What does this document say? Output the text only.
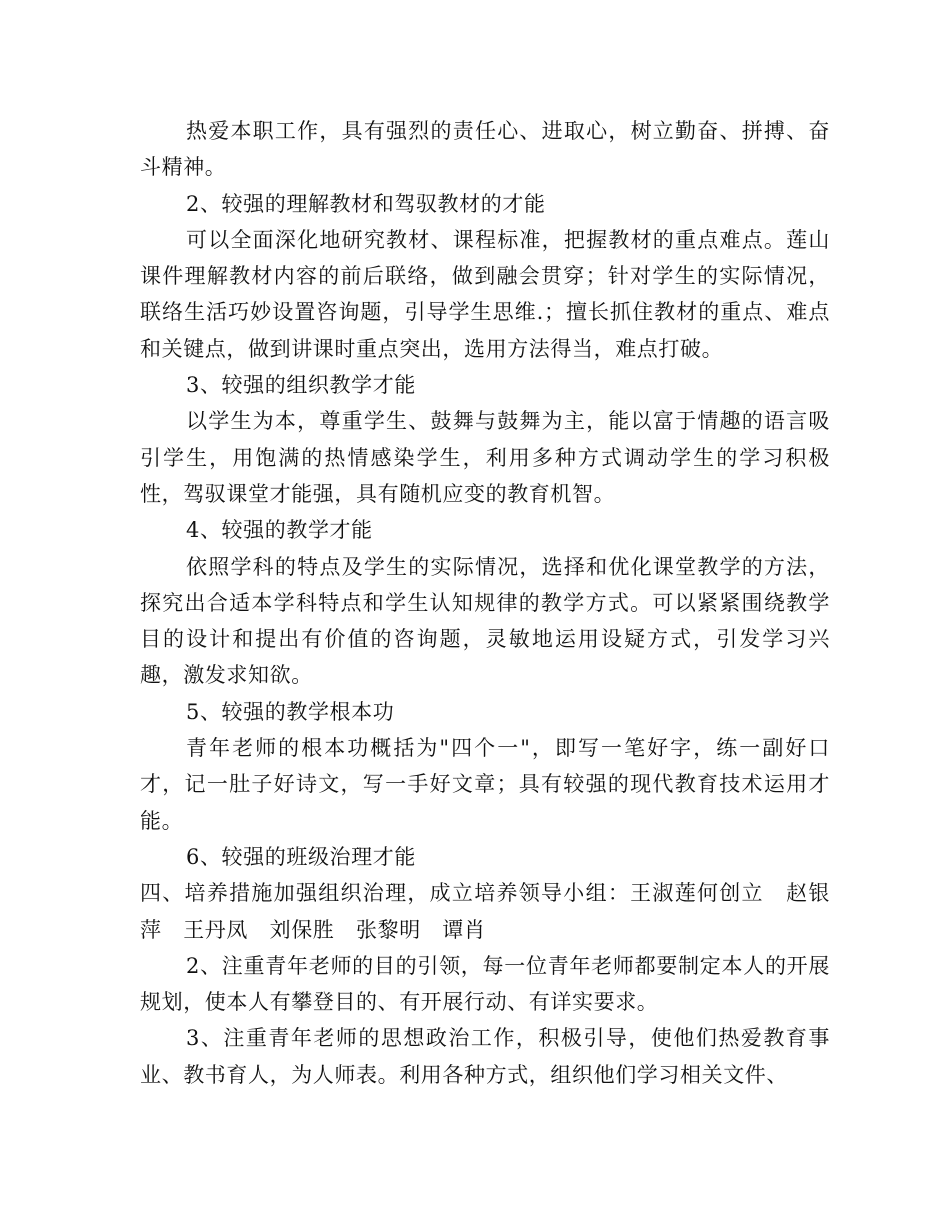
热爱本职工作，具有强烈的责任心、进取心，树立勤奋、拼搏、奋斗精神。

2、较强的理解教材和驾驭教材的才能

可以全面深化地研究教材、课程标准，把握教材的重点难点。莲山课件理解教材内容的前后联络，做到融会贯穿；针对学生的实际情况，联络生活巧妙设置咨询题，引导学生思维.；擅长抓住教材的重点、难点和关键点，做到讲课时重点突出，选用方法得当，难点打破。

3、较强的组织教学才能

以学生为本，尊重学生、鼓舞与鼓舞为主，能以富于情趣的语言吸引学生，用饱满的热情感染学生，利用多种方式调动学生的学习积极性，驾驭课堂才能强，具有随机应变的教育机智。

4、较强的教学才能

依照学科的特点及学生的实际情况，选择和优化课堂教学的方法，探究出合适本学科特点和学生认知规律的教学方式。可以紧紧围绕教学目的设计和提出有价值的咨询题，灵敏地运用设疑方式，引发学习兴趣，激发求知欲。

5、较强的教学根本功

青年老师的根本功概括为"四个一"，即写一笔好字，练一副好口才，记一肚子好诗文，写一手好文章；具有较强的现代教育技术运用才能。

6、较强的班级治理才能

四、培养措施加强组织治理，成立培养领导小组：王淑莲何创立　赵银萍　王丹凤　刘保胜　张黎明　谭肖

2、注重青年老师的目的引领，每一位青年老师都要制定本人的开展规划，使本人有攀登目的、有开展行动、有详实要求。

3、注重青年老师的思想政治工作，积极引导，使他们热爱教育事业、教书育人，为人师表。利用各种方式，组织他们学习相关文件、
